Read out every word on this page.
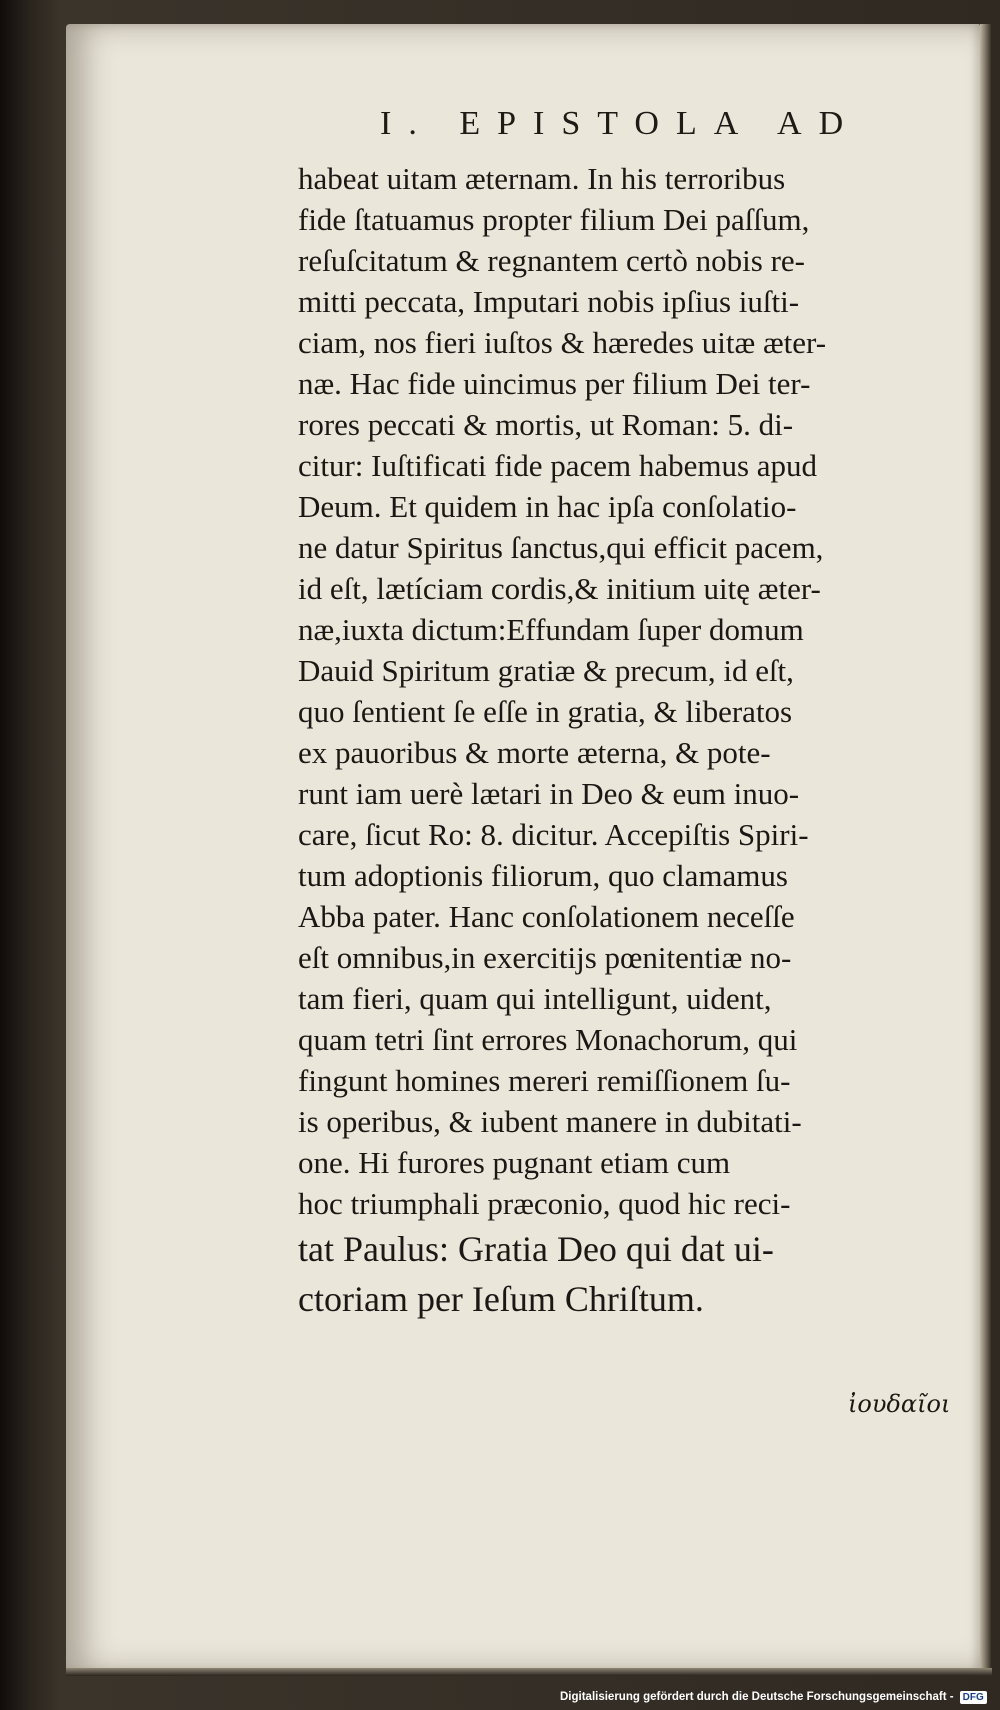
I. EPISTOLA AD
habeat uitam æternam. In his terroribus
fide ſtatuamus propter filium Dei paſſum,
reſuſcitatum & regnantem certò nobis re-
mitti peccata, Imputari nobis ipſius iuſti-
ciam, nos fieri iuſtos & hæredes uitæ æter-
næ. Hac fide uincimus per filium Dei ter-
rores peccati & mortis, ut Roman: 5. di-
citur: Iuſtificati fide pacem habemus apud
Deum. Et quidem in hac ipſa conſolatio-
ne datur Spiritus ſanctus,qui efficit pacem,
id eſt, lætíciam cordis,& initium uitę æter-
næ,iuxta dictum:Effundam ſuper domum
Dauid Spiritum gratiæ & precum, id eſt,
quo ſentient ſe eſſe in gratia, & liberatos
ex pauoribus & morte æterna, & pote-
runt iam uerè lætari in Deo & eum inuo-
care, ſicut Ro: 8. dicitur. Accepiſtis Spiri-
tum adoptionis filiorum, quo clamamus
Abba pater. Hanc conſolationem neceſſe
eſt omnibus,in exercitijs pœnitentiæ no-
tam fieri, quam qui intelligunt, uident,
quam tetri ſint errores Monachorum, qui
fingunt homines mereri remiſſionem ſu-
is operibus, & iubent manere in dubitati-
one. Hi furores pugnant etiam cum
hoc triumphali præconio, quod hic reci-
tat Paulus: Gratia Deo qui dat ui-
ctoriam per Ieſum Chriſtum.
ἰουδαῖοι
Digitalisierung gefördert durch die Deutsche Forschungsgemeinschaft - DFG
